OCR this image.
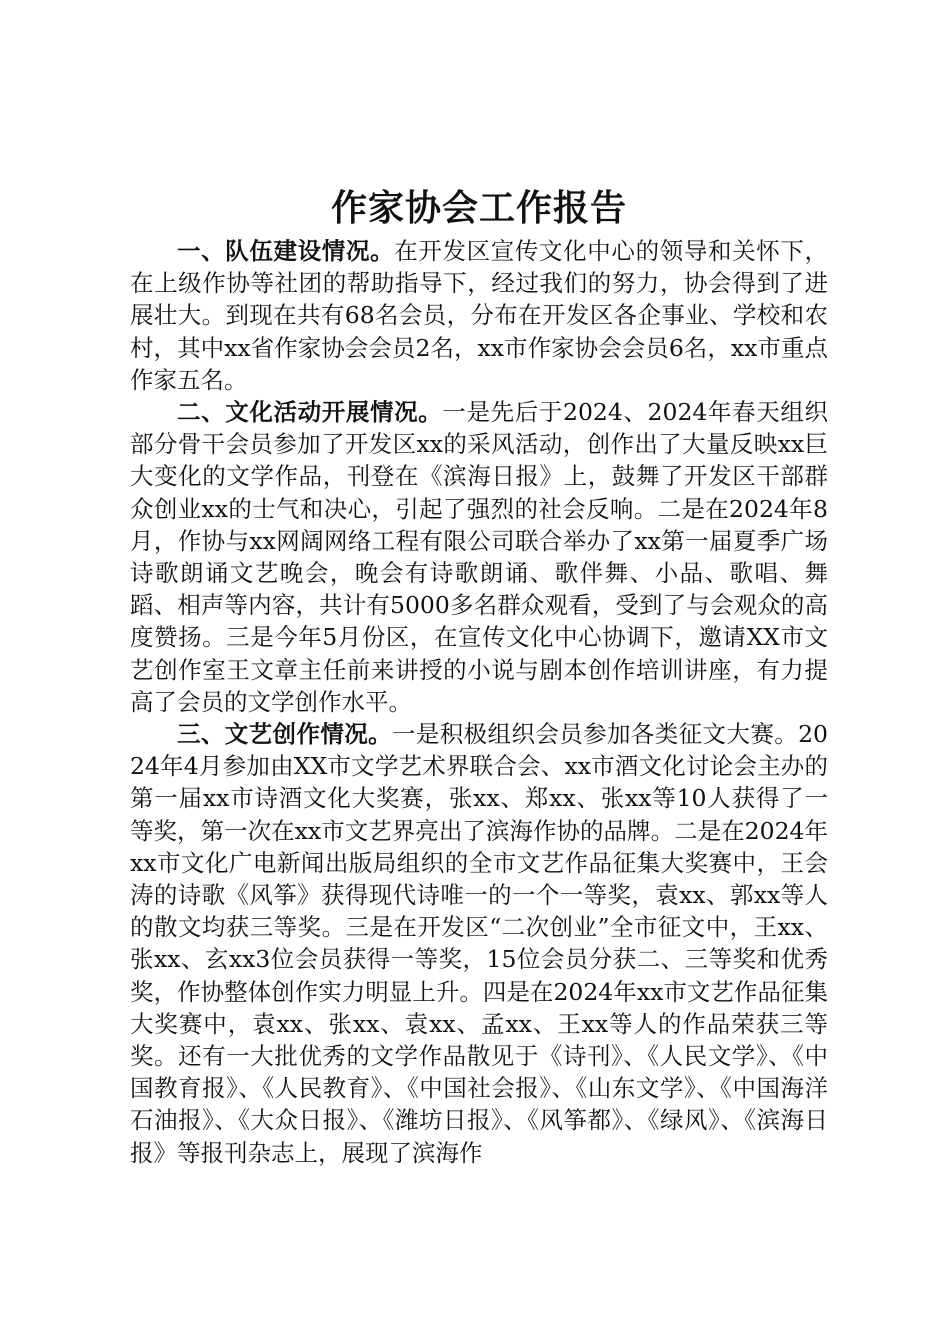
作家协会工作报告

一、队伍建设情况。在开发区宣传文化中心的领导和关怀下，在上级作协等社团的帮助指导下，经过我们的努力，协会得到了进展壮大。到现在共有68名会员，分布在开发区各企事业、学校和农村，其中xx省作家协会会员2名，xx市作家协会会员6名，xx市重点作家五名。

二、文化活动开展情况。一是先后于2024、2024年春天组织部分骨干会员参加了开发区xx的采风活动，创作出了大量反映xx巨大变化的文学作品，刊登在《滨海日报》上，鼓舞了开发区干部群众创业xx的士气和决心，引起了强烈的社会反响。二是在2024年8月，作协与xx网阔网络工程有限公司联合举办了xx第一届夏季广场诗歌朗诵文艺晚会，晚会有诗歌朗诵、歌伴舞、小品、歌唱、舞蹈、相声等内容，共计有5000多名群众观看，受到了与会观众的高度赞扬。三是今年5月份区，在宣传文化中心协调下，邀请XX市文艺创作室王文章主任前来讲授的小说与剧本创作培训讲座，有力提高了会员的文学创作水平。

三、文艺创作情况。一是积极组织会员参加各类征文大赛。2024年4月参加由XX市文学艺术界联合会、xx市酒文化讨论会主办的第一届xx市诗酒文化大奖赛，张xx、郑xx、张xx等10人获得了一等奖，第一次在xx市文艺界亮出了滨海作协的品牌。二是在2024年xx市文化广电新闻出版局组织的全市文艺作品征集大奖赛中，王会涛的诗歌《风筝》获得现代诗唯一的一个一等奖，袁xx、郭xx等人的散文均获三等奖。三是在开发区“二次创业”全市征文中，王xx、张xx、玄xx3位会员获得一等奖，15位会员分获二、三等奖和优秀奖，作协整体创作实力明显上升。四是在2024年xx市文艺作品征集大奖赛中，袁xx、张xx、袁xx、孟xx、王xx等人的作品荣获三等奖。还有一大批优秀的文学作品散见于《诗刊》、《人民文学》、《中国教育报》、《人民教育》、《中国社会报》、《山东文学》、《中国海洋石油报》、《大众日报》、《潍坊日报》、《风筝都》、《绿风》、《滨海日报》等报刊杂志上，展现了滨海作
